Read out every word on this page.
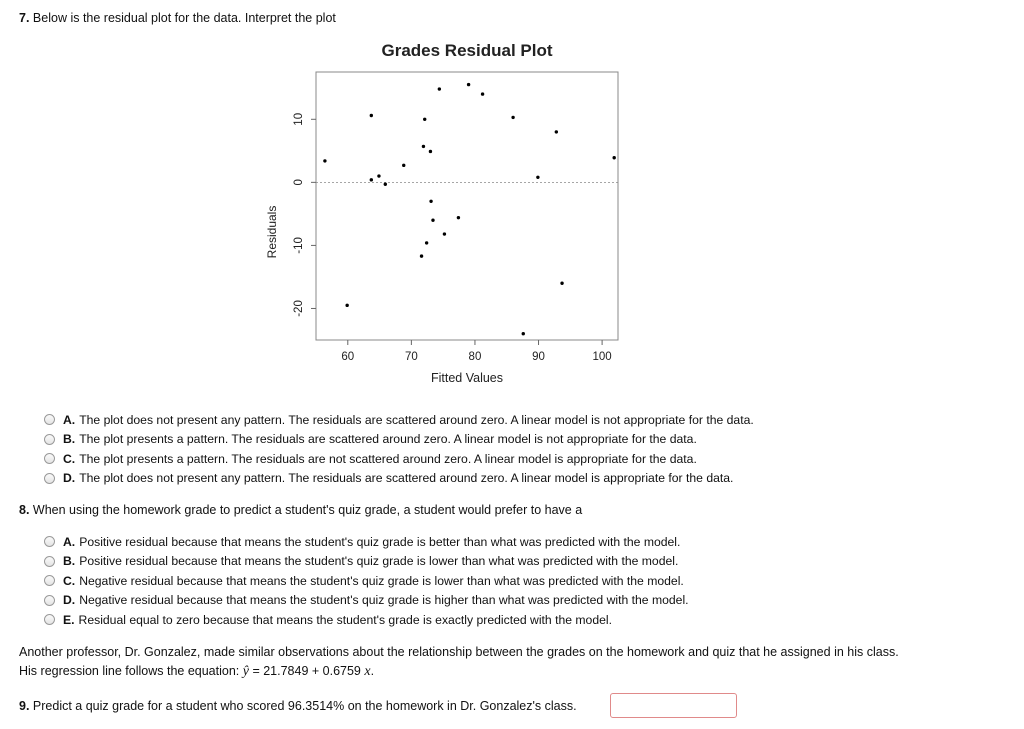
7. Below is the residual plot for the data. Interpret the plot
Grades Residual Plot
60	70	80	90	100
-20
-10
0
10
Fitted Values
Residuals
A. The plot does not present any pattern. The residuals are scattered around zero. A linear model is not appropriate for the data.
B. The plot presents a pattern. The residuals are scattered around zero. A linear model is not appropriate for the data.
C. The plot presents a pattern. The residuals are not scattered around zero. A linear model is appropriate for the data.
D. The plot does not present any pattern. The residuals are scattered around zero. A linear model is appropriate for the data.
8. When using the homework grade to predict a student's quiz grade, a student would prefer to have a
A. Positive residual because that means the student's quiz grade is better than what was predicted with the model.
B. Positive residual because that means the student's quiz grade is lower than what was predicted with the model.
C. Negative residual because that means the student's quiz grade is lower than what was predicted with the model.
D. Negative residual because that means the student's quiz grade is higher than what was predicted with the model.
E. Residual equal to zero because that means the student's grade is exactly predicted with the model.
Another professor, Dr. Gonzalez, made similar observations about the relationship between the grades on the homework and quiz that he assigned in his class. His regression line follows the equation: ŷ = 21.7849 + 0.6759 x.
9. Predict a quiz grade for a student who scored 96.3514% on the homework in Dr. Gonzalez's class.
